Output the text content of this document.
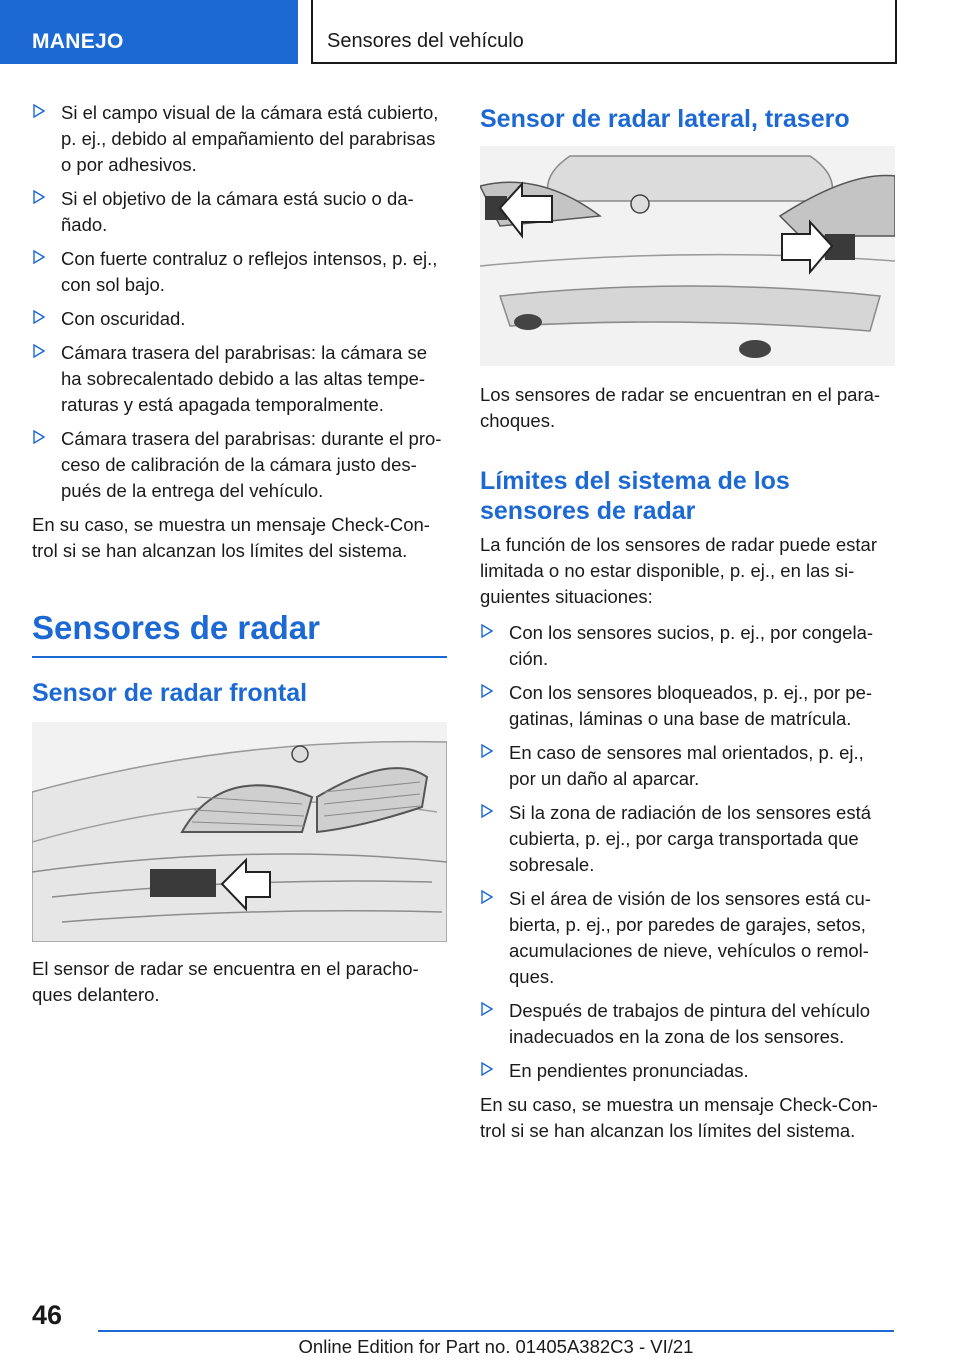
MANEJO	Sensores del vehículo
Si el campo visual de la cámara está cubierto, p. ej., debido al empañamiento del parabrisas o por adhesivos.
Si el objetivo de la cámara está sucio o da-ñado.
Con fuerte contraluz o reflejos intensos, p. ej., con sol bajo.
Con oscuridad.
Cámara trasera del parabrisas: la cámara se ha sobrecalentado debido a las altas tempe-raturas y está apagada temporalmente.
Cámara trasera del parabrisas: durante el pro-ceso de calibración de la cámara justo des-pués de la entrega del vehículo.

En su caso, se muestra un mensaje Check-Con-trol si se han alcanzan los límites del sistema.

Sensores de radar
Sensor de radar frontal

El sensor de radar se encuentra en el paracho-ques delantero.

Sensor de radar lateral, trasero

Los sensores de radar se encuentran en el para-choques.

Límites del sistema de los sensores de radar

La función de los sensores de radar puede estar limitada o no estar disponible, p. ej., en las si-guientes situaciones:

Con los sensores sucios, p. ej., por congela-ción.
Con los sensores bloqueados, p. ej., por pe-gatinas, láminas o una base de matrícula.
En caso de sensores mal orientados, p. ej., por un daño al aparcar.
Si la zona de radiación de los sensores está cubierta, p. ej., por carga transportada que sobresale.
Si el área de visión de los sensores está cu-bierta, p. ej., por paredes de garajes, setos, acumulaciones de nieve, vehículos o remol-ques.
Después de trabajos de pintura del vehículo inadecuados en la zona de los sensores.
En pendientes pronunciadas.

En su caso, se muestra un mensaje Check-Con-trol si se han alcanzan los límites del sistema.

46
Online Edition for Part no. 01405A382C3 - VI/21
